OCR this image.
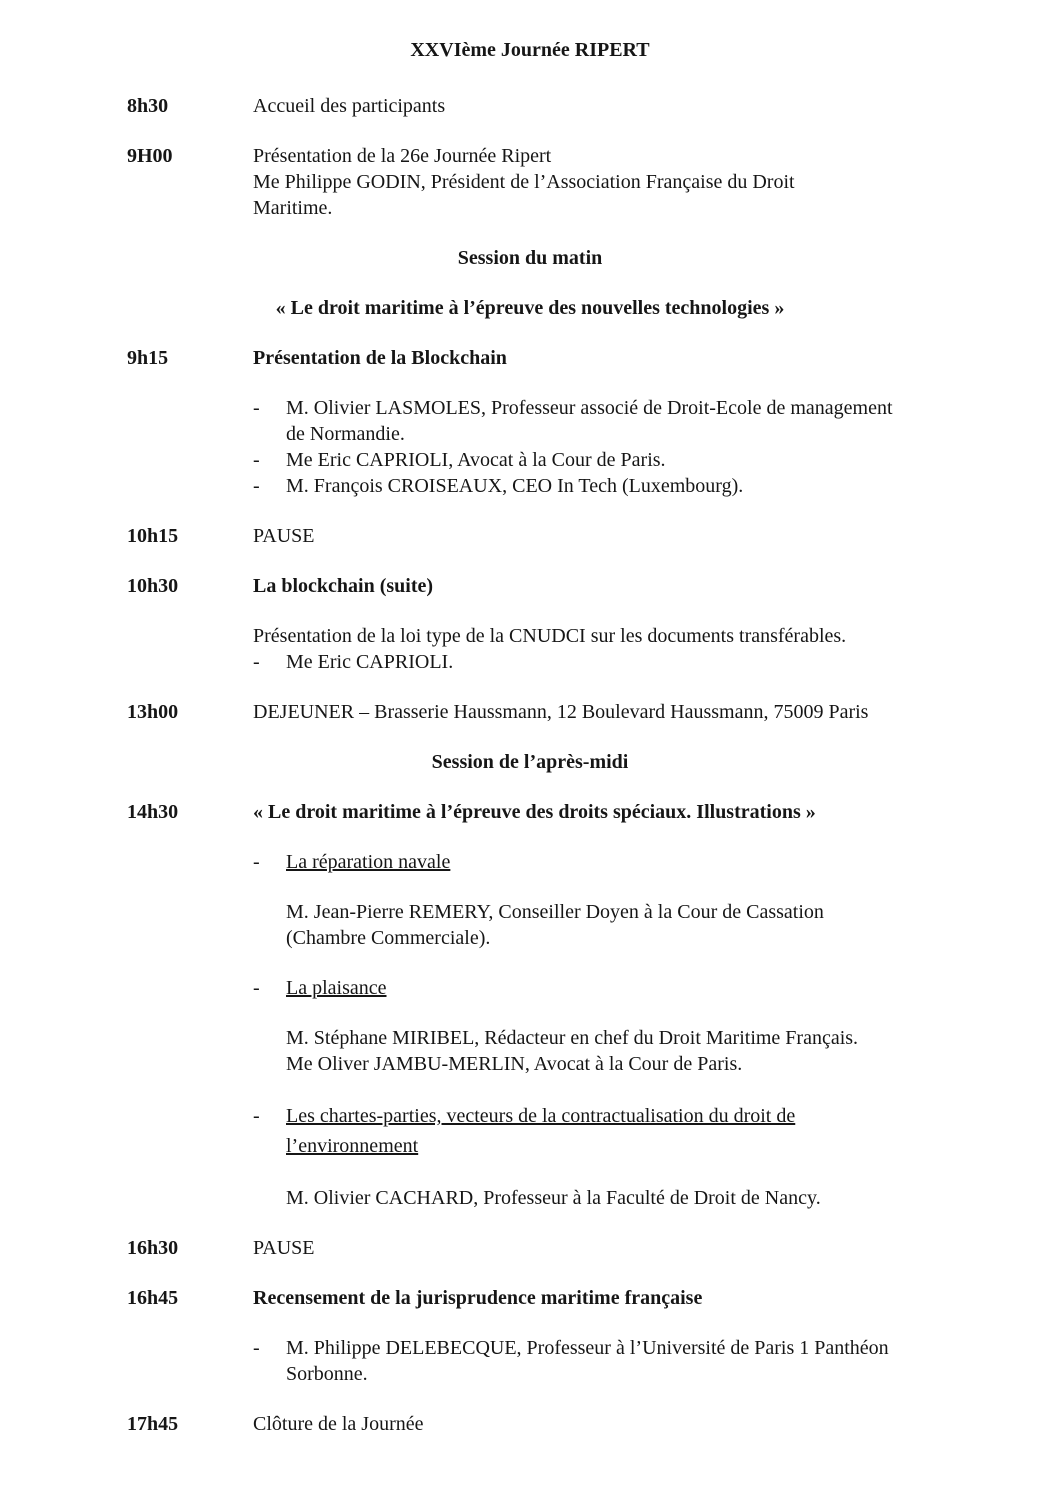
XXVIème Journée RIPERT
8h30	Accueil des participants
9H00	Présentation de la 26e Journée Ripert
Me Philippe GODIN, Président de l’Association Française du Droit
Maritime.
Session du matin
« Le droit maritime à l’épreuve des nouvelles technologies »
9h15	Présentation de la Blockchain
-	M. Olivier LASMOLES, Professeur associé de Droit-Ecole de management
de Normandie.
-	Me Eric CAPRIOLI, Avocat à la Cour de Paris.
-	M. François CROISEAUX, CEO In Tech (Luxembourg).
10h15	PAUSE
10h30	La blockchain (suite)
Présentation de la loi type de la CNUDCI sur les documents transférables.
-	Me Eric CAPRIOLI.
13h00	DEJEUNER – Brasserie Haussmann, 12 Boulevard Haussmann, 75009 Paris
Session de l’après-midi
14h30	« Le droit maritime à l’épreuve des droits spéciaux. Illustrations »
-	La réparation navale
M. Jean-Pierre REMERY, Conseiller Doyen à la Cour de Cassation
(Chambre Commerciale).
-	La plaisance
M. Stéphane MIRIBEL, Rédacteur en chef du Droit Maritime Français.
Me Oliver JAMBU-MERLIN, Avocat à la Cour de Paris.
-	Les chartes-parties, vecteurs de la contractualisation du droit de
l’environnement
M. Olivier CACHARD, Professeur à la Faculté de Droit de Nancy.
16h30	PAUSE
16h45	Recensement de la jurisprudence maritime française
-	M. Philippe DELEBECQUE, Professeur à l’Université de Paris 1 Panthéon
Sorbonne.
17h45	Clôture de la Journée
